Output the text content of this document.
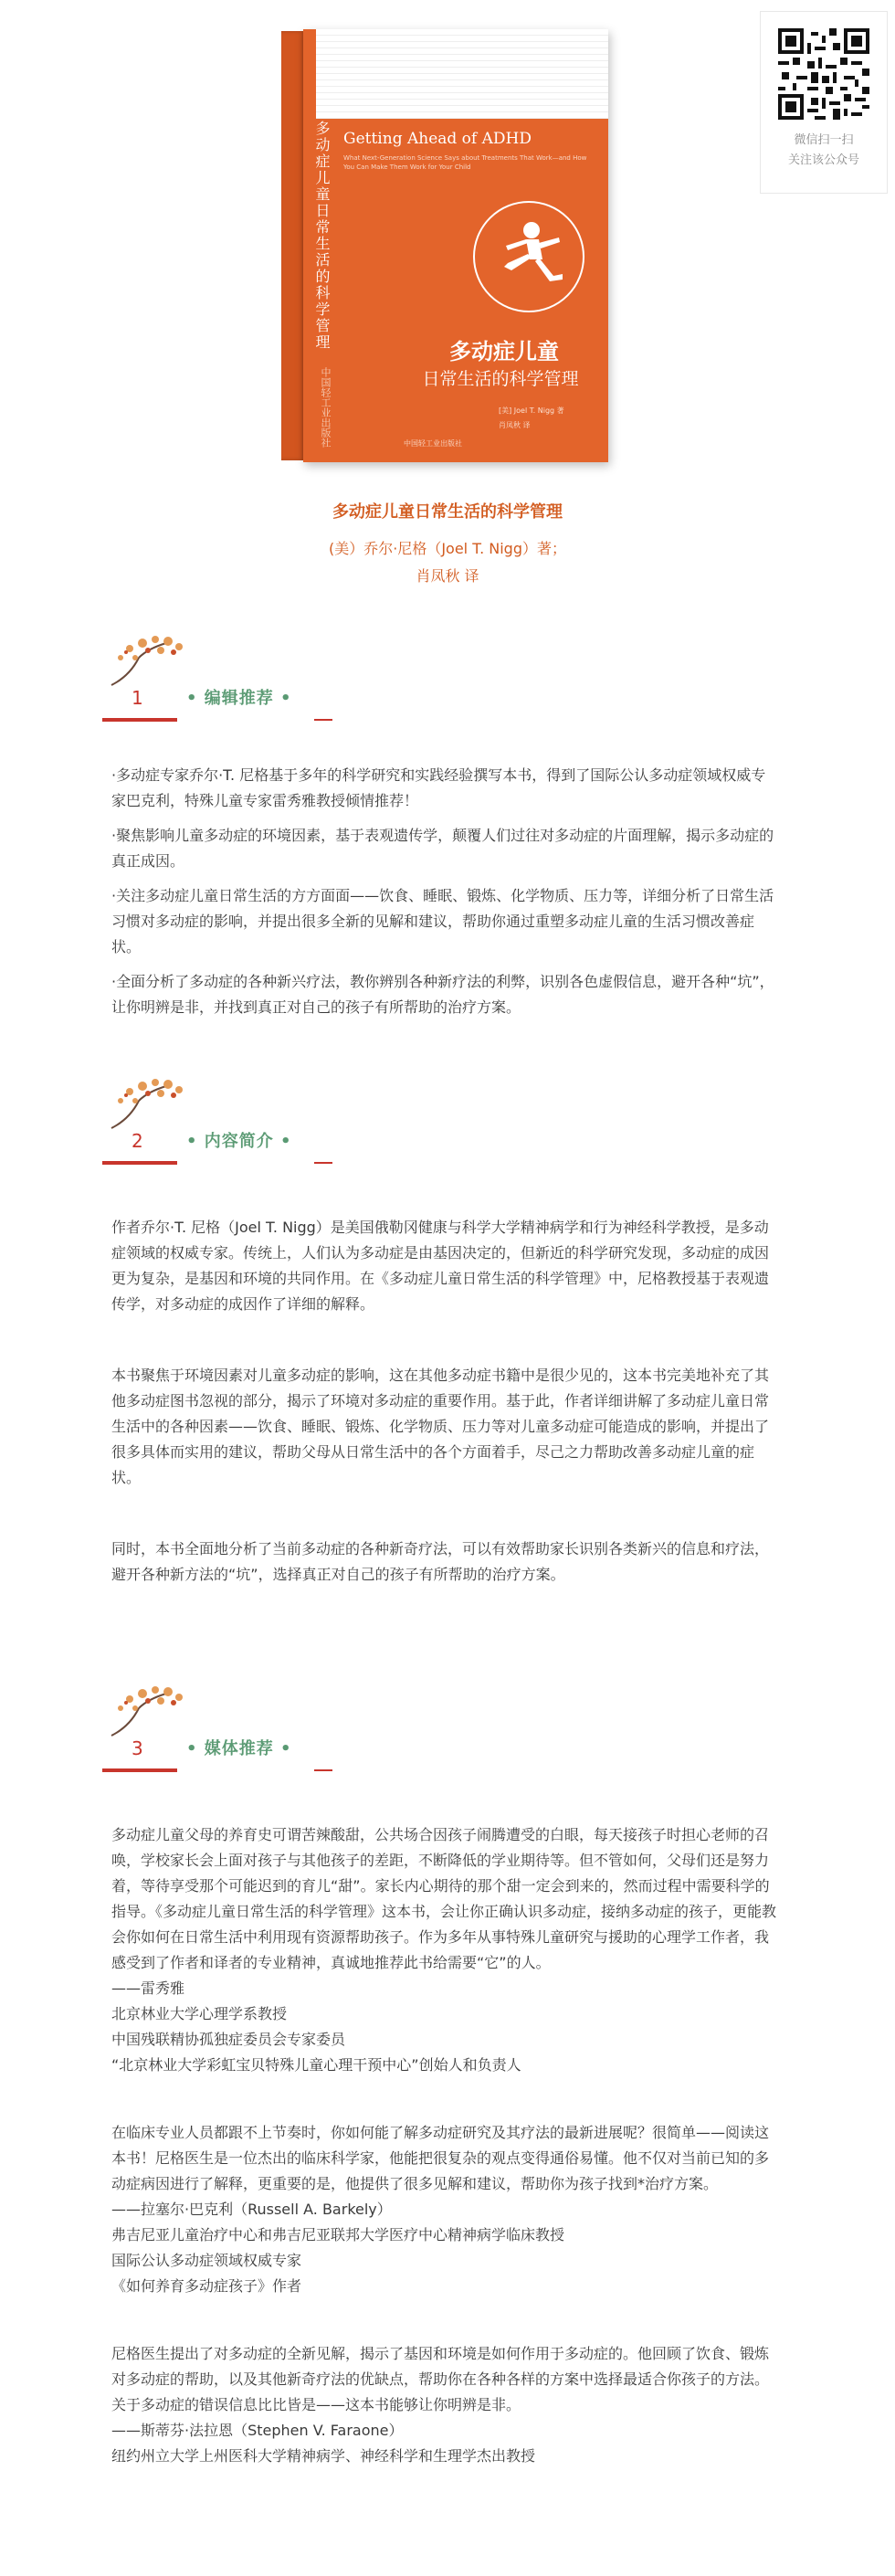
微信扫一扫
关注该公众号
多动症儿童日常生活的科学管理
中国轻工业出版社
Getting Ahead of ADHD
What Next-Generation Science Says about Treatments That Work—and How You Can Make Them Work for Your Child
多动症儿童
日常生活的科学管理
[美] Joel T. Nigg 著
肖凤秋 译
中国轻工业出版社
多动症儿童日常生活的科学管理
(美）乔尔·尼格（Joel T. Nigg）著；
肖凤秋 译
1	• 编辑推荐 •

·多动症专家乔尔·T. 尼格基于多年的科学研究和实践经验撰写本书，得到了国际公认多动症领域权威专家巴克利，特殊儿童专家雷秀雅教授倾情推荐！

·聚焦影响儿童多动症的环境因素，基于表观遗传学，颠覆人们过往对多动症的片面理解，揭示多动症的真正成因。

·关注多动症儿童日常生活的方方面面——饮食、睡眠、锻炼、化学物质、压力等，详细分析了日常生活习惯对多动症的影响，并提出很多全新的见解和建议，帮助你通过重塑多动症儿童的生活习惯改善症状。

·全面分析了多动症的各种新兴疗法，教你辨别各种新疗法的利弊，识别各色虚假信息，避开各种“坑”，让你明辨是非，并找到真正对自己的孩子有所帮助的治疗方案。

2	• 内容简介 •

作者乔尔·T. 尼格（Joel T. Nigg）是美国俄勒冈健康与科学大学精神病学和行为神经科学教授，是多动症领域的权威专家。传统上，人们认为多动症是由基因决定的，但新近的科学研究发现，多动症的成因更为复杂，是基因和环境的共同作用。在《多动症儿童日常生活的科学管理》中，尼格教授基于表观遗传学，对多动症的成因作了详细的解释。

本书聚焦于环境因素对儿童多动症的影响，这在其他多动症书籍中是很少见的，这本书完美地补充了其他多动症图书忽视的部分，揭示了环境对多动症的重要作用。基于此，作者详细讲解了多动症儿童日常生活中的各种因素——饮食、睡眠、锻炼、化学物质、压力等对儿童多动症可能造成的影响，并提出了很多具体而实用的建议，帮助父母从日常生活中的各个方面着手，尽己之力帮助改善多动症儿童的症状。

同时，本书全面地分析了当前多动症的各种新奇疗法，可以有效帮助家长识别各类新兴的信息和疗法，避开各种新方法的“坑”，选择真正对自己的孩子有所帮助的治疗方案。

3	• 媒体推荐 •

多动症儿童父母的养育史可谓苦辣酸甜，公共场合因孩子闹腾遭受的白眼，每天接孩子时担心老师的召唤，学校家长会上面对孩子与其他孩子的差距，不断降低的学业期待等。但不管如何，父母们还是努力着，等待享受那个可能迟到的育儿“甜”。家长内心期待的那个甜一定会到来的，然而过程中需要科学的指导。《多动症儿童日常生活的科学管理》这本书，会让你正确认识多动症，接纳多动症的孩子，更能教会你如何在日常生活中利用现有资源帮助孩子。作为多年从事特殊儿童研究与援助的心理学工作者，我感受到了作者和译者的专业精神，真诚地推荐此书给需要“它”的人。

——雷秀雅
北京林业大学心理学系教授
中国残联精协孤独症委员会专家委员
“北京林业大学彩虹宝贝特殊儿童心理干预中心”创始人和负责人

在临床专业人员都跟不上节奏时，你如何能了解多动症研究及其疗法的最新进展呢？很简单——阅读这本书！尼格医生是一位杰出的临床科学家，他能把很复杂的观点变得通俗易懂。他不仅对当前已知的多动症病因进行了解释，更重要的是，他提供了很多见解和建议，帮助你为孩子找到*治疗方案。

——拉塞尔·巴克利（Russell A. Barkely）
弗吉尼亚儿童治疗中心和弗吉尼亚联邦大学医疗中心精神病学临床教授
国际公认多动症领域权威专家
《如何养育多动症孩子》作者

尼格医生提出了对多动症的全新见解，揭示了基因和环境是如何作用于多动症的。他回顾了饮食、锻炼对多动症的帮助，以及其他新奇疗法的优缺点，帮助你在各种各样的方案中选择最适合你孩子的方法。关于多动症的错误信息比比皆是——这本书能够让你明辨是非。

——斯蒂芬·法拉恩（Stephen V. Faraone）
纽约州立大学上州医科大学精神病学、神经科学和生理学杰出教授
